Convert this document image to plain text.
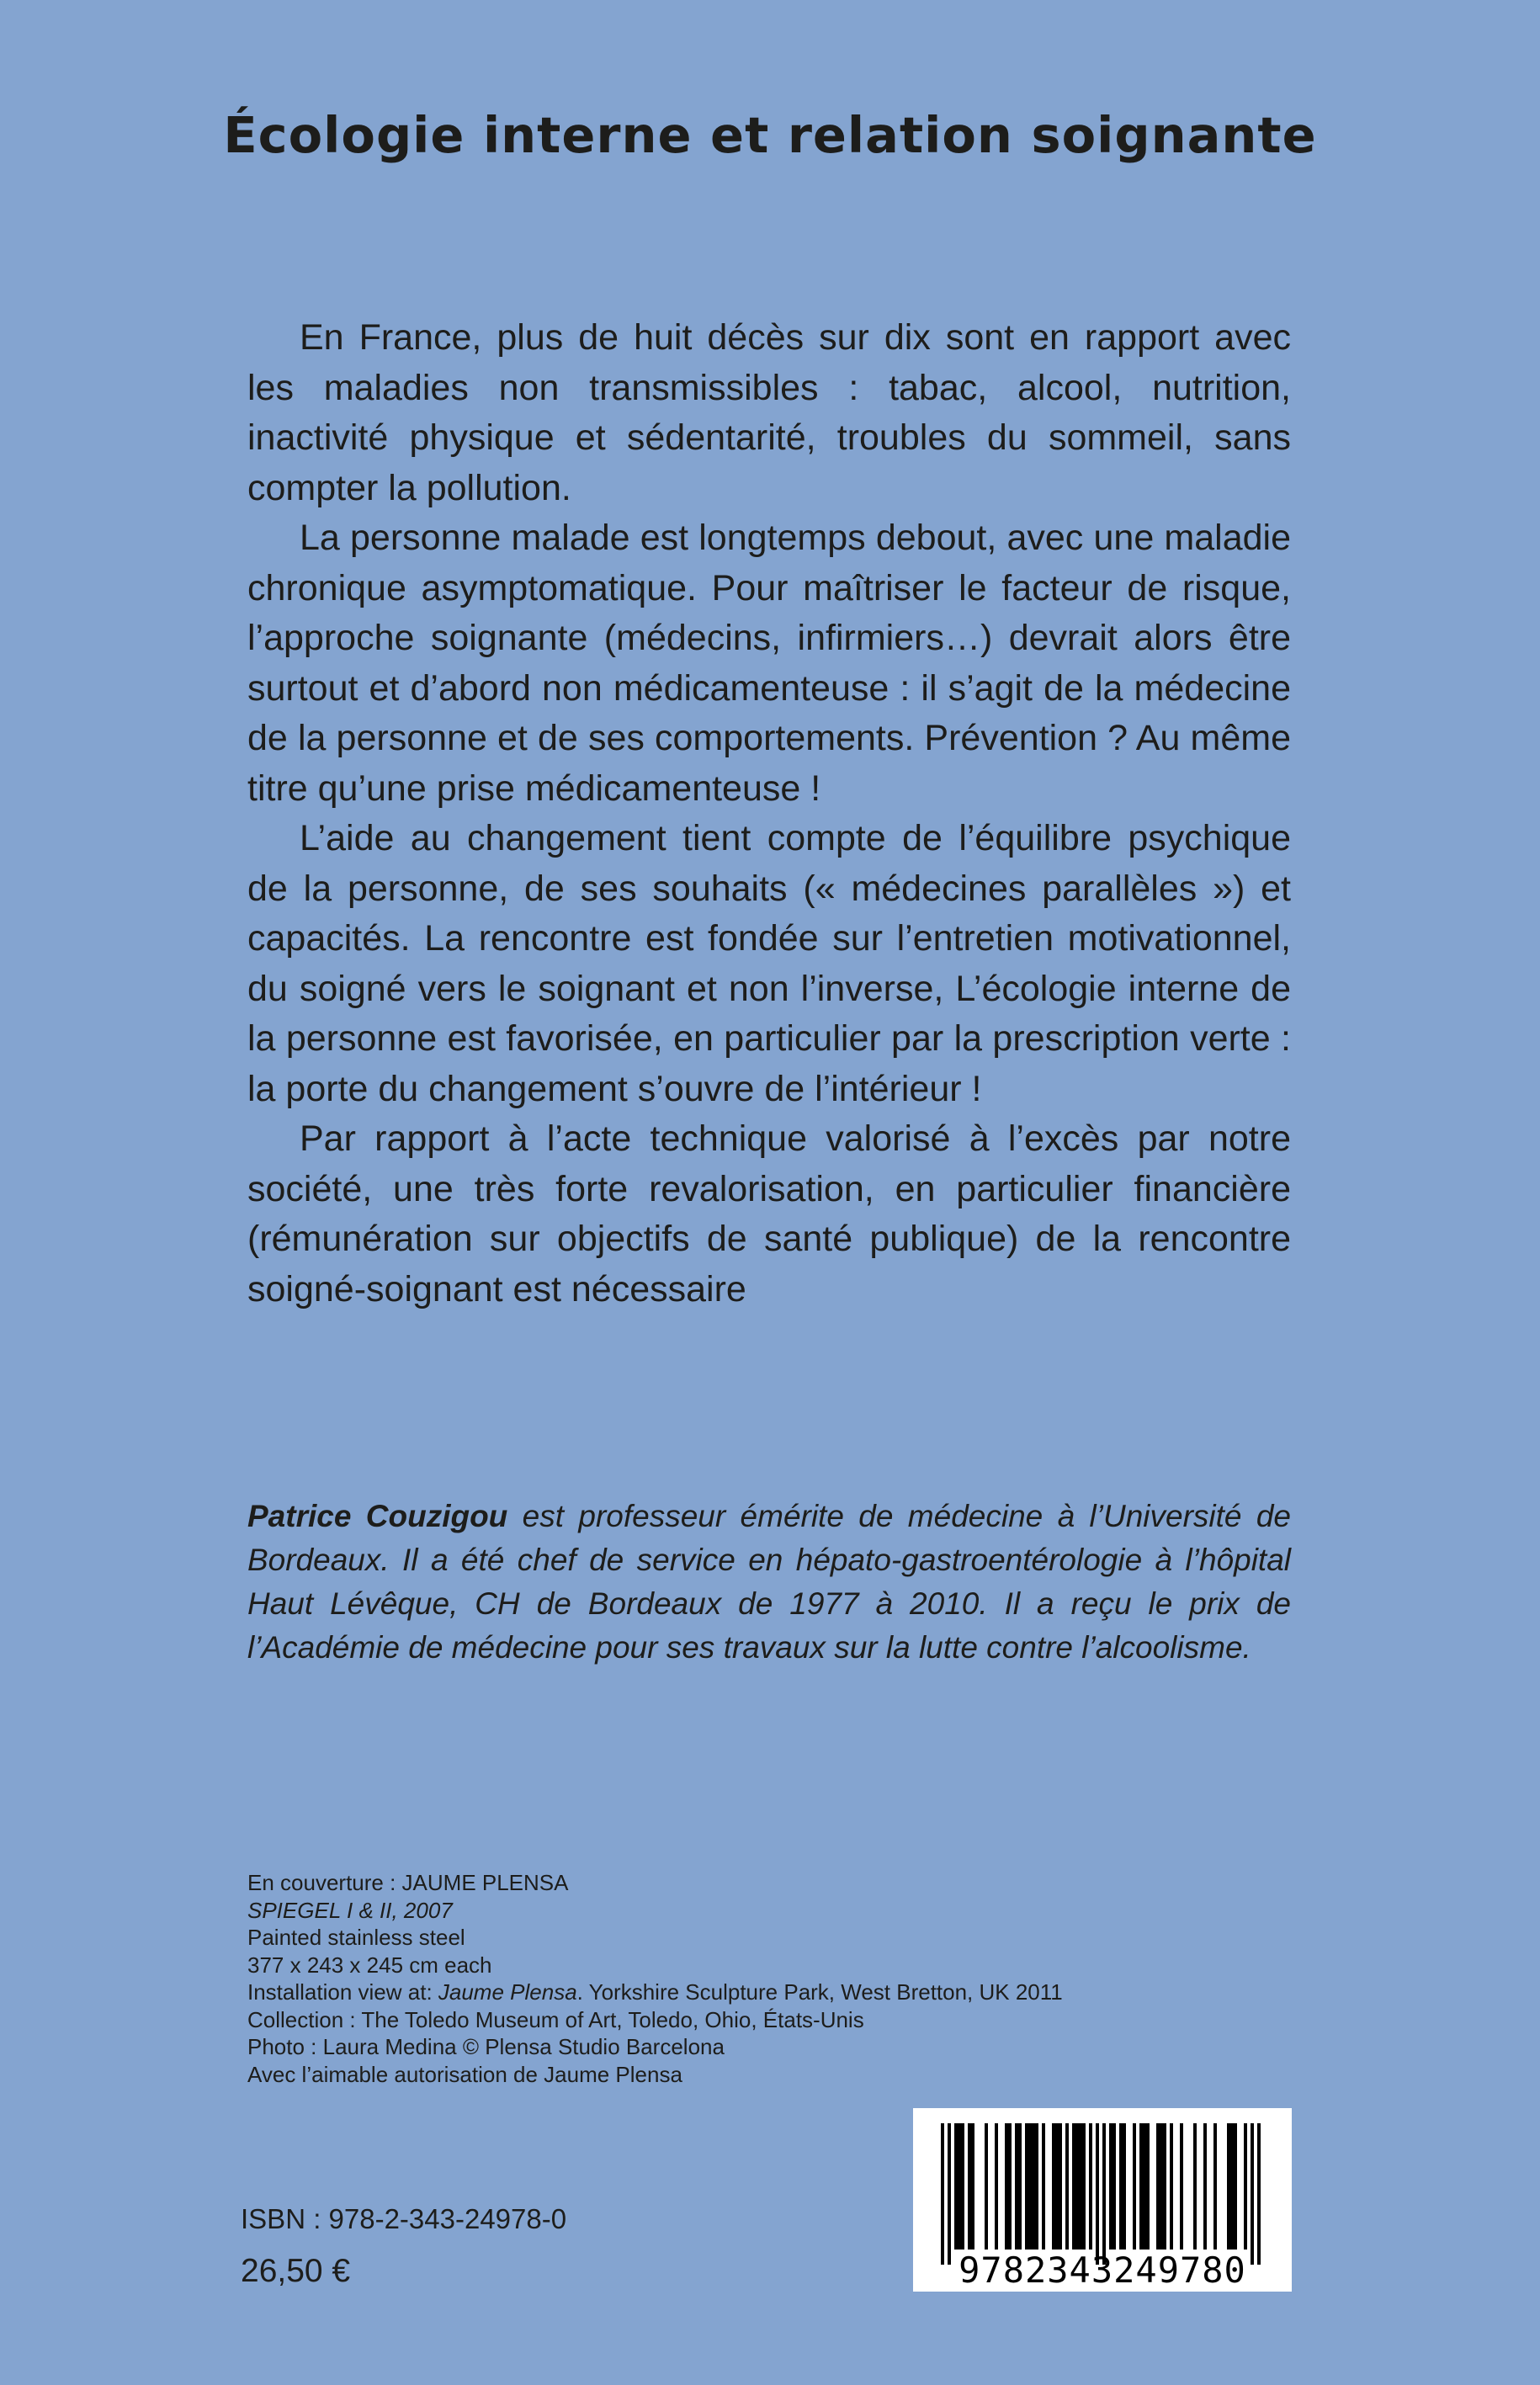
Écologie interne et relation soignante

En France, plus de huit décès sur dix sont en rapport avec les maladies non transmissibles : tabac, alcool, nutrition, inactivité physique et sédentarité, troubles du sommeil, sans compter la pollution.

La personne malade est longtemps debout, avec une maladie chronique asymptomatique. Pour maîtriser le facteur de risque, l’approche soignante (médecins, infirmiers…) devrait alors être surtout et d’abord non médicamenteuse : il s’agit de la médecine de la personne et de ses comportements. Prévention ? Au même titre qu’une prise médicamenteuse !

L’aide au changement tient compte de l’équilibre psychique de la personne, de ses souhaits (« médecines parallèles ») et capacités. La rencontre est fondée sur l’entretien motivationnel, du soigné vers le soignant et non l’inverse, L’écologie interne de la personne est favorisée, en particulier par la prescription verte : la porte du changement s’ouvre de l’intérieur !

Par rapport à l’acte technique valorisé à l’excès par notre société, une très forte revalorisation, en particulier financière (rémunération sur objectifs de santé publique) de la rencontre soigné-soignant est nécessaire

Patrice Couzigou est professeur émérite de médecine à l’Université de Bordeaux. Il a été chef de service en hépato-gastroentérologie à l’hôpital Haut Lévêque, CH de Bordeaux de 1977 à 2010. Il a reçu le prix de l’Académie de médecine pour ses travaux sur la lutte contre l’alcoolisme.

En couverture : JAUME PLENSA
SPIEGEL I & II, 2007
Painted stainless steel
377 x 243 x 245 cm each
Installation view at: Jaume Plensa. Yorkshire Sculpture Park, West Bretton, UK 2011
Collection : The Toledo Museum of Art, Toledo, Ohio, États-Unis
Photo : Laura Medina © Plensa Studio Barcelona
Avec l’aimable autorisation de Jaume Plensa
ISBN : 978-2-343-24978-0
26,50 €	9782343249780
